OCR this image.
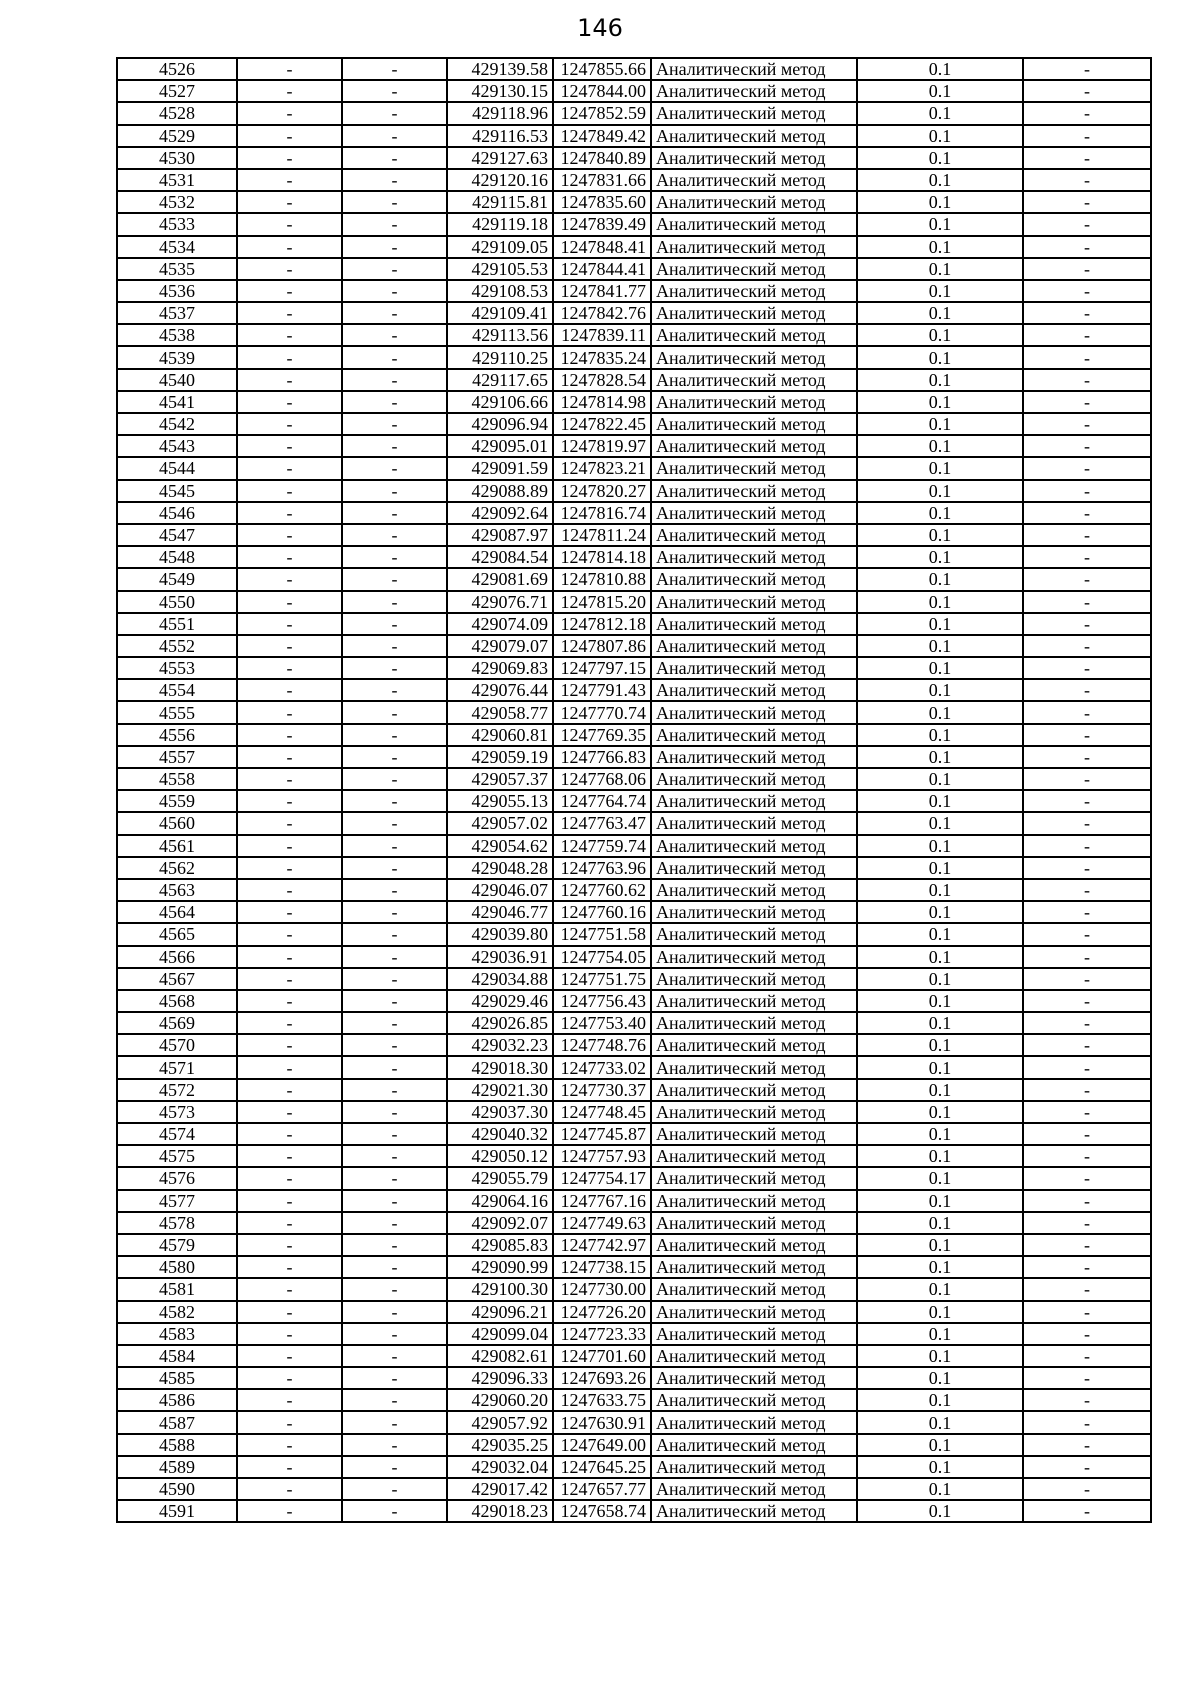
146
4526	-	-	429139.58	1247855.66	Аналитический метод	0.1	-
4527	-	-	429130.15	1247844.00	Аналитический метод	0.1	-
4528	-	-	429118.96	1247852.59	Аналитический метод	0.1	-
4529	-	-	429116.53	1247849.42	Аналитический метод	0.1	-
4530	-	-	429127.63	1247840.89	Аналитический метод	0.1	-
4531	-	-	429120.16	1247831.66	Аналитический метод	0.1	-
4532	-	-	429115.81	1247835.60	Аналитический метод	0.1	-
4533	-	-	429119.18	1247839.49	Аналитический метод	0.1	-
4534	-	-	429109.05	1247848.41	Аналитический метод	0.1	-
4535	-	-	429105.53	1247844.41	Аналитический метод	0.1	-
4536	-	-	429108.53	1247841.77	Аналитический метод	0.1	-
4537	-	-	429109.41	1247842.76	Аналитический метод	0.1	-
4538	-	-	429113.56	1247839.11	Аналитический метод	0.1	-
4539	-	-	429110.25	1247835.24	Аналитический метод	0.1	-
4540	-	-	429117.65	1247828.54	Аналитический метод	0.1	-
4541	-	-	429106.66	1247814.98	Аналитический метод	0.1	-
4542	-	-	429096.94	1247822.45	Аналитический метод	0.1	-
4543	-	-	429095.01	1247819.97	Аналитический метод	0.1	-
4544	-	-	429091.59	1247823.21	Аналитический метод	0.1	-
4545	-	-	429088.89	1247820.27	Аналитический метод	0.1	-
4546	-	-	429092.64	1247816.74	Аналитический метод	0.1	-
4547	-	-	429087.97	1247811.24	Аналитический метод	0.1	-
4548	-	-	429084.54	1247814.18	Аналитический метод	0.1	-
4549	-	-	429081.69	1247810.88	Аналитический метод	0.1	-
4550	-	-	429076.71	1247815.20	Аналитический метод	0.1	-
4551	-	-	429074.09	1247812.18	Аналитический метод	0.1	-
4552	-	-	429079.07	1247807.86	Аналитический метод	0.1	-
4553	-	-	429069.83	1247797.15	Аналитический метод	0.1	-
4554	-	-	429076.44	1247791.43	Аналитический метод	0.1	-
4555	-	-	429058.77	1247770.74	Аналитический метод	0.1	-
4556	-	-	429060.81	1247769.35	Аналитический метод	0.1	-
4557	-	-	429059.19	1247766.83	Аналитический метод	0.1	-
4558	-	-	429057.37	1247768.06	Аналитический метод	0.1	-
4559	-	-	429055.13	1247764.74	Аналитический метод	0.1	-
4560	-	-	429057.02	1247763.47	Аналитический метод	0.1	-
4561	-	-	429054.62	1247759.74	Аналитический метод	0.1	-
4562	-	-	429048.28	1247763.96	Аналитический метод	0.1	-
4563	-	-	429046.07	1247760.62	Аналитический метод	0.1	-
4564	-	-	429046.77	1247760.16	Аналитический метод	0.1	-
4565	-	-	429039.80	1247751.58	Аналитический метод	0.1	-
4566	-	-	429036.91	1247754.05	Аналитический метод	0.1	-
4567	-	-	429034.88	1247751.75	Аналитический метод	0.1	-
4568	-	-	429029.46	1247756.43	Аналитический метод	0.1	-
4569	-	-	429026.85	1247753.40	Аналитический метод	0.1	-
4570	-	-	429032.23	1247748.76	Аналитический метод	0.1	-
4571	-	-	429018.30	1247733.02	Аналитический метод	0.1	-
4572	-	-	429021.30	1247730.37	Аналитический метод	0.1	-
4573	-	-	429037.30	1247748.45	Аналитический метод	0.1	-
4574	-	-	429040.32	1247745.87	Аналитический метод	0.1	-
4575	-	-	429050.12	1247757.93	Аналитический метод	0.1	-
4576	-	-	429055.79	1247754.17	Аналитический метод	0.1	-
4577	-	-	429064.16	1247767.16	Аналитический метод	0.1	-
4578	-	-	429092.07	1247749.63	Аналитический метод	0.1	-
4579	-	-	429085.83	1247742.97	Аналитический метод	0.1	-
4580	-	-	429090.99	1247738.15	Аналитический метод	0.1	-
4581	-	-	429100.30	1247730.00	Аналитический метод	0.1	-
4582	-	-	429096.21	1247726.20	Аналитический метод	0.1	-
4583	-	-	429099.04	1247723.33	Аналитический метод	0.1	-
4584	-	-	429082.61	1247701.60	Аналитический метод	0.1	-
4585	-	-	429096.33	1247693.26	Аналитический метод	0.1	-
4586	-	-	429060.20	1247633.75	Аналитический метод	0.1	-
4587	-	-	429057.92	1247630.91	Аналитический метод	0.1	-
4588	-	-	429035.25	1247649.00	Аналитический метод	0.1	-
4589	-	-	429032.04	1247645.25	Аналитический метод	0.1	-
4590	-	-	429017.42	1247657.77	Аналитический метод	0.1	-
4591	-	-	429018.23	1247658.74	Аналитический метод	0.1	-
